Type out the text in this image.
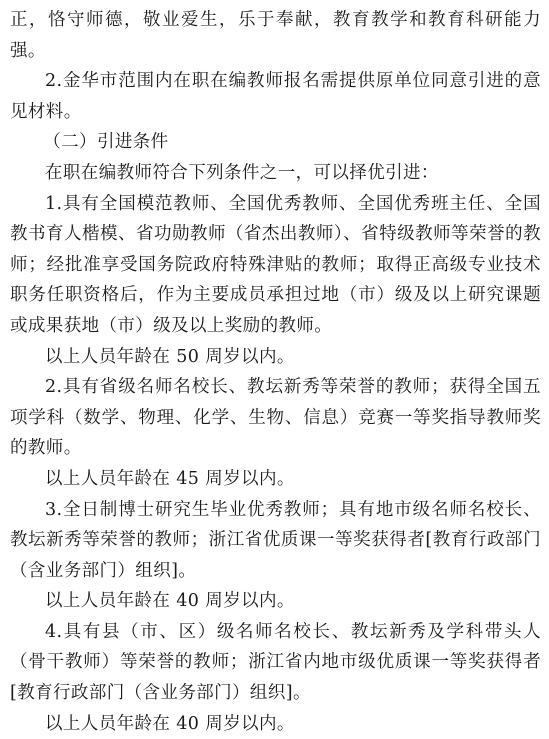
正，恪守师德，敬业爱生，乐于奉献，教育教学和教育科研能力强。

2.金华市范围内在职在编教师报名需提供原单位同意引进的意见材料。

（二）引进条件

在职在编教师符合下列条件之一，可以择优引进：

1.具有全国模范教师、全国优秀教师、全国优秀班主任、全国教书育人楷模、省功勋教师（省杰出教师）、省特级教师等荣誉的教师；经批准享受国务院政府特殊津贴的教师；取得正高级专业技术职务任职资格后，作为主要成员承担过地（市）级及以上研究课题或成果获地（市）级及以上奖励的教师。

以上人员年龄在 50 周岁以内。

2.具有省级名师名校长、教坛新秀等荣誉的教师；获得全国五项学科（数学、物理、化学、生物、信息）竞赛一等奖指导教师奖的教师。

以上人员年龄在 45 周岁以内。

3.全日制博士研究生毕业优秀教师；具有地市级名师名校长、教坛新秀等荣誉的教师；浙江省优质课一等奖获得者[教育行政部门（含业务部门）组织]。

以上人员年龄在 40 周岁以内。

4.具有县（市、区）级名师名校长、教坛新秀及学科带头人（骨干教师）等荣誉的教师；浙江省内地市级优质课一等奖获得者[教育行政部门（含业务部门）组织]。

以上人员年龄在 40 周岁以内。
